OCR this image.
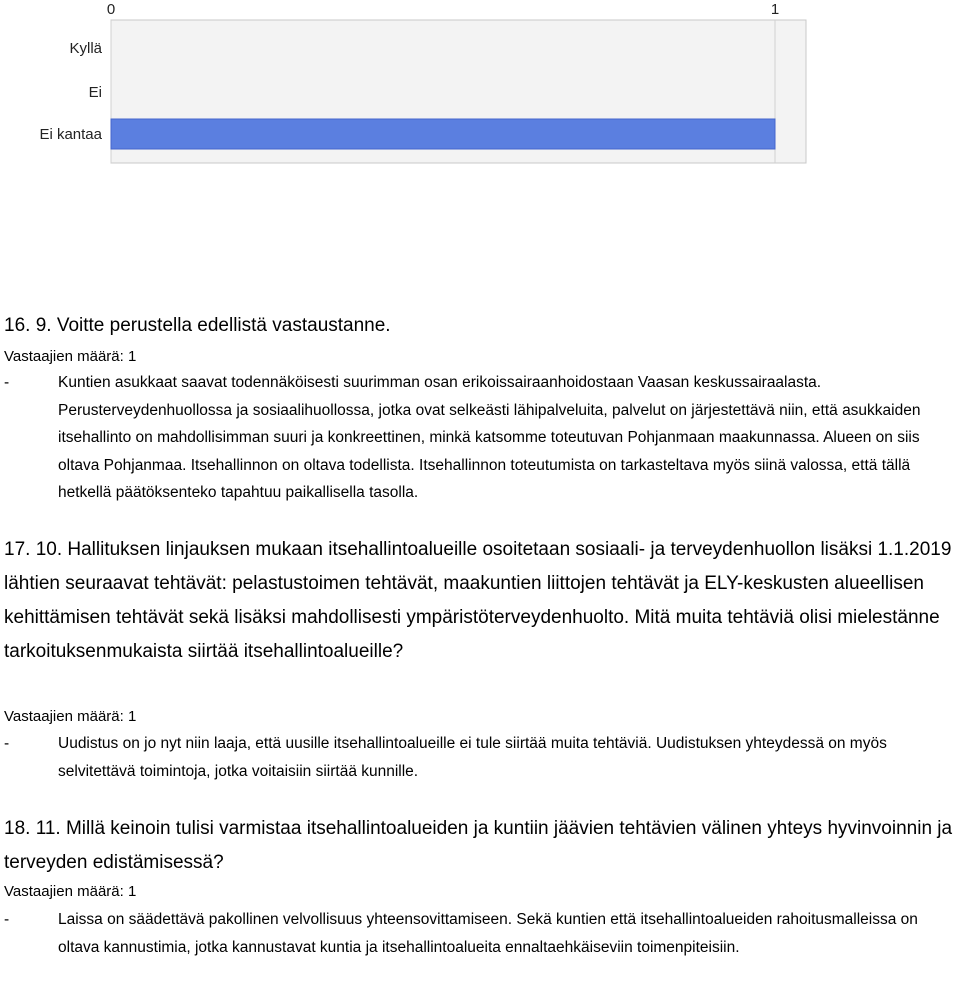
0	1
Kyllä
Ei
Ei kantaa
16. 9. Voitte perustella edellistä vastaustanne.
Vastaajien määrä: 1
-	Kuntien asukkaat saavat todennäköisesti suurimman osan erikoissairaanhoidostaan Vaasan keskussairaalasta. Perusterveydenhuollossa ja sosiaalihuollossa, jotka ovat selkeästi lähipalveluita, palvelut on järjestettävä niin, että asukkaiden itsehallinto on mahdollisimman suuri ja konkreettinen, minkä katsomme toteutuvan Pohjanmaan maakunnassa. Alueen on siis oltava Pohjanmaa. Itsehallinnon on oltava todellista. Itsehallinnon toteutumista on tarkasteltava myös siinä valossa, että tällä hetkellä päätöksenteko tapahtuu paikallisella tasolla.
17. 10. Hallituksen linjauksen mukaan itsehallintoalueille osoitetaan sosiaali- ja terveydenhuollon lisäksi 1.1.2019 lähtien seuraavat tehtävät: pelastustoimen tehtävät, maakuntien liittojen tehtävät ja ELY-keskusten alueellisen kehittämisen tehtävät sekä lisäksi mahdollisesti ympäristöterveydenhuolto. Mitä muita tehtäviä olisi mielestänne tarkoituksenmukaista siirtää itsehallintoalueille?
Vastaajien määrä: 1
-	Uudistus on jo nyt niin laaja, että uusille itsehallintoalueille ei tule siirtää muita tehtäviä. Uudistuksen yhteydessä on myös selvitettävä toimintoja, jotka voitaisiin siirtää kunnille.
18. 11. Millä keinoin tulisi varmistaa itsehallintoalueiden ja kuntiin jäävien tehtävien välinen yhteys hyvinvoinnin ja terveyden edistämisessä?
Vastaajien määrä: 1
-	Laissa on säädettävä pakollinen velvollisuus yhteensovittamiseen. Sekä kuntien että itsehallintoalueiden rahoitusmalleissa on oltava kannustimia, jotka kannustavat kuntia ja itsehallintoalueita ennaltaehkäiseviin toimenpiteisiin.
